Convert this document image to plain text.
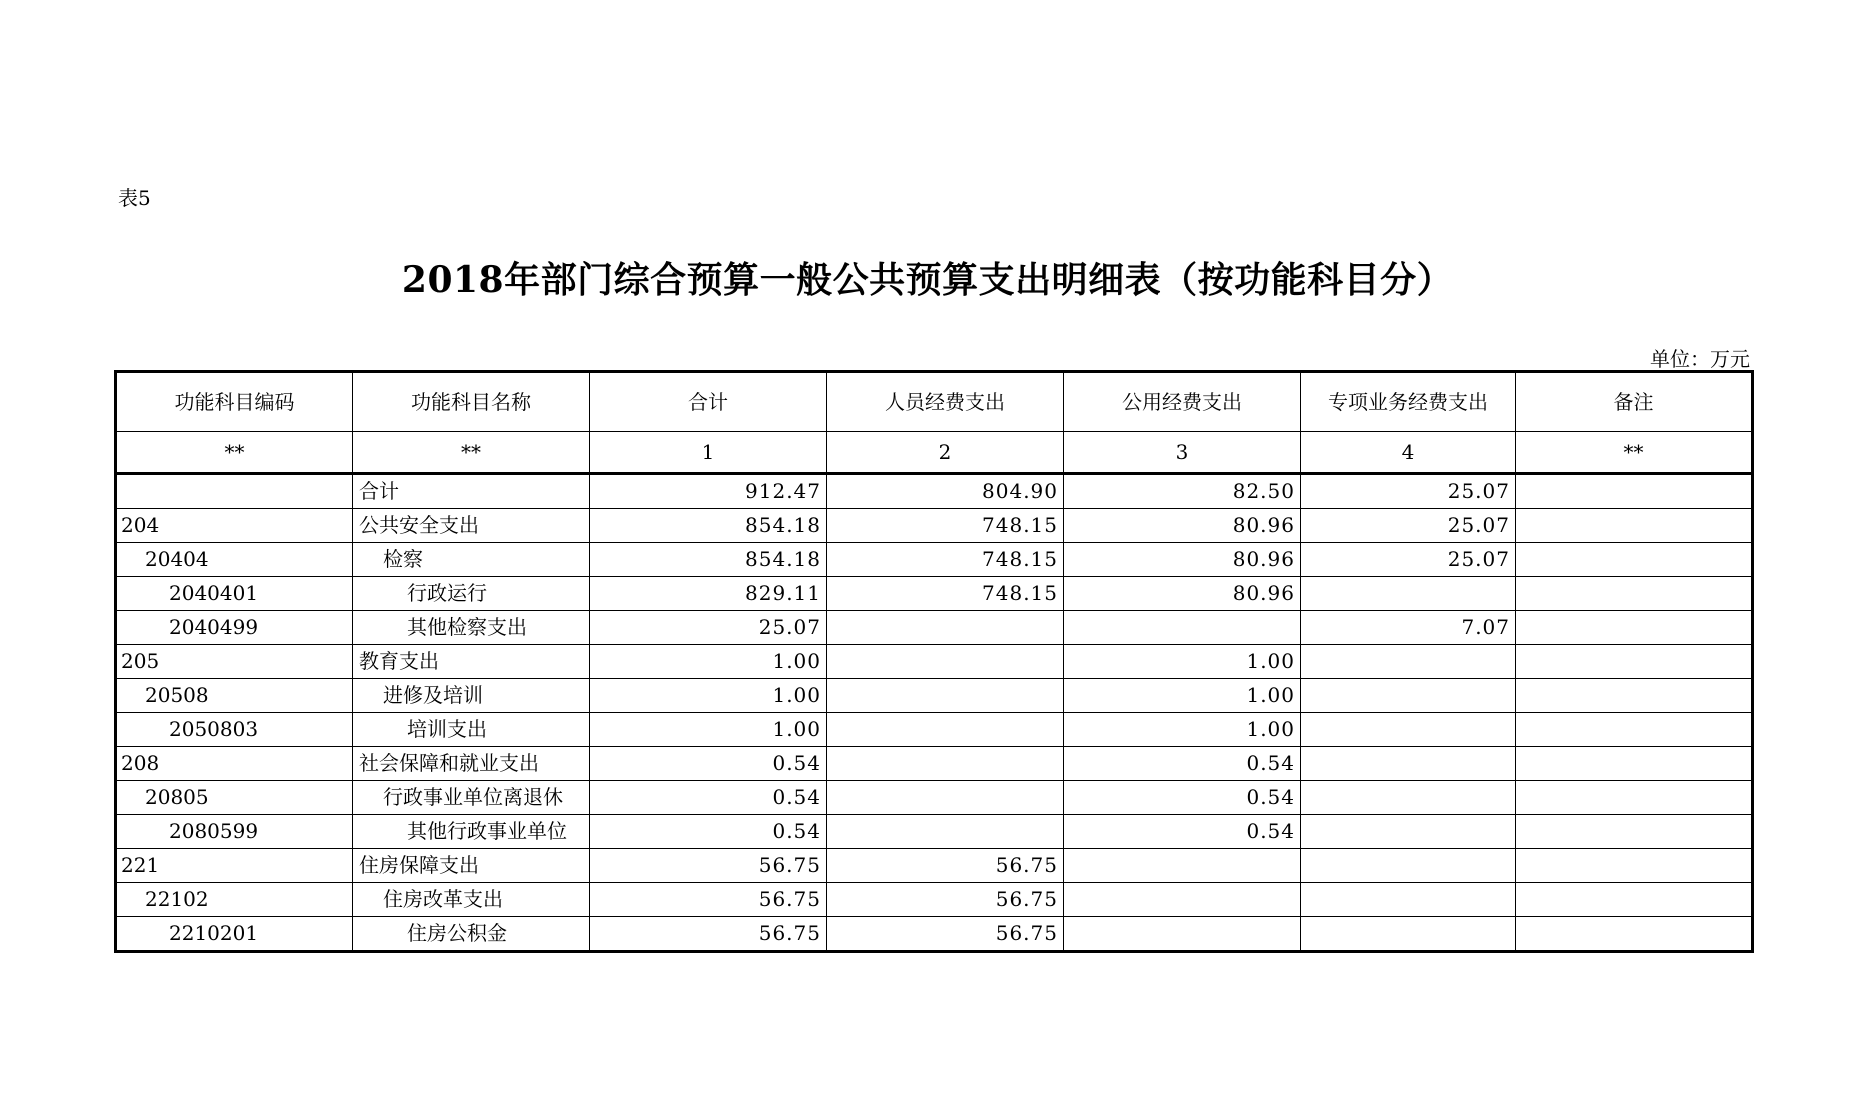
表5
2018年部门综合预算一般公共预算支出明细表（按功能科目分）
单位：万元
功能科目编码	功能科目名称	合计	人员经费支出	公用经费支出	专项业务经费支出	备注
**	**	1	2	3	4	**
	合计	912.47	804.90	82.50	25.07	
204	公共安全支出	854.18	748.15	80.96	25.07	
20404	检察	854.18	748.15	80.96	25.07	
2040401	行政运行	829.11	748.15	80.96		
2040499	其他检察支出	25.07			7.07	
205	教育支出	1.00		1.00		
20508	进修及培训	1.00		1.00		
2050803	培训支出	1.00		1.00		
208	社会保障和就业支出	0.54		0.54		
20805	行政事业单位离退休	0.54		0.54		
2080599	其他行政事业单位	0.54		0.54		
221	住房保障支出	56.75	56.75			
22102	住房改革支出	56.75	56.75			
2210201	住房公积金	56.75	56.75			
